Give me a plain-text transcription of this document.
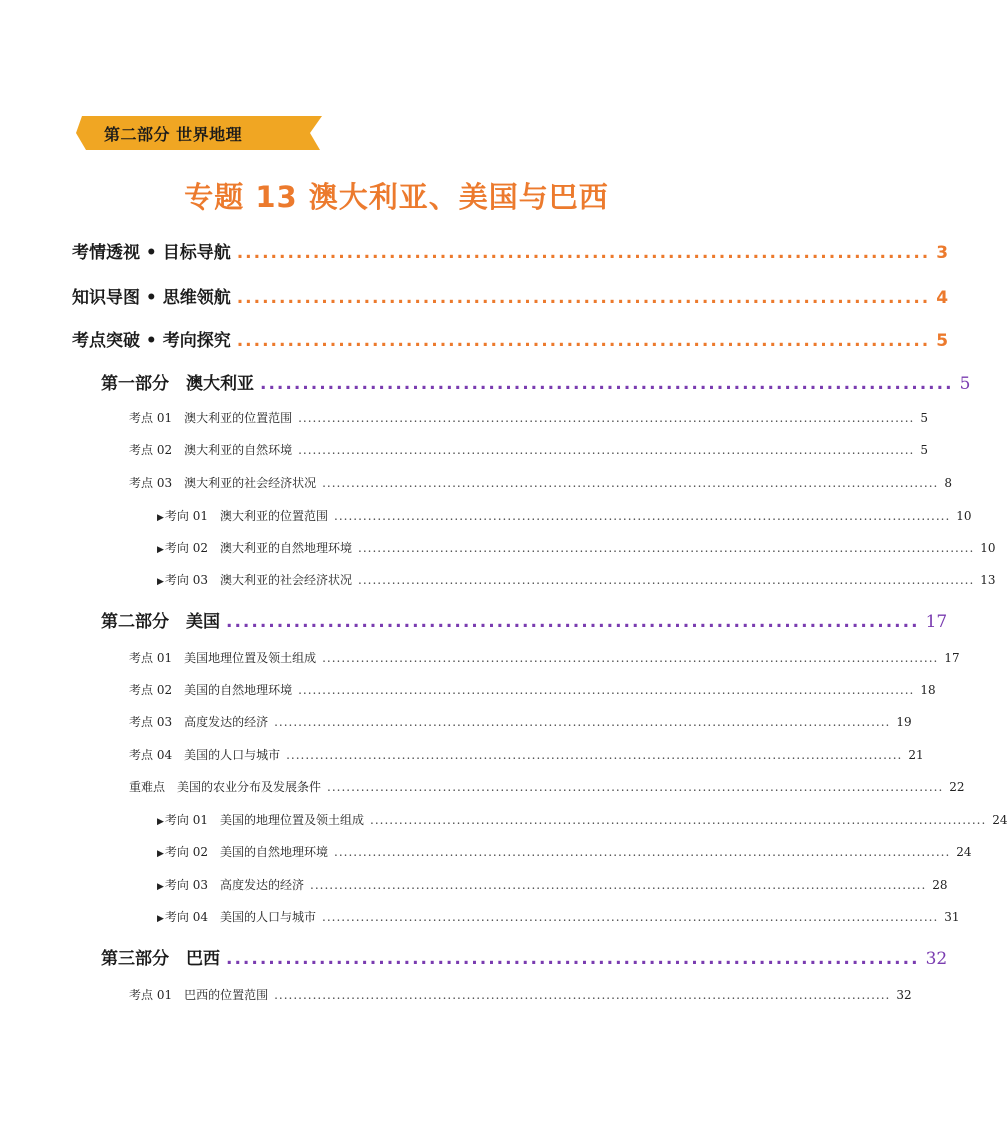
第二部分 世界地理
专题 13 澳大利亚、美国与巴西
考情透视 • 目标导航 .................................................................................. 3
知识导图 • 思维领航 .................................................................................. 4
考点突破 • 考向探究 .................................................................................. 5
第一部分　澳大利亚 .................................................................................. 5
考点 01　澳大利亚的位置范围 ................................................................................................................................ 5
考点 02　澳大利亚的自然环境 ................................................................................................................................ 5
考点 03　澳大利亚的社会经济状况 ................................................................................................................................ 8
▶考向 01　澳大利亚的位置范围 ................................................................................................................................ 10
▶考向 02　澳大利亚的自然地理环境 ................................................................................................................................ 10
▶考向 03　澳大利亚的社会经济状况 ................................................................................................................................ 13
第二部分　美国 .................................................................................. 17
考点 01　美国地理位置及领土组成 ................................................................................................................................ 17
考点 02　美国的自然地理环境 ................................................................................................................................ 18
考点 03　高度发达的经济 ................................................................................................................................ 19
考点 04　美国的人口与城市 ................................................................................................................................ 21
重难点　美国的农业分布及发展条件 ................................................................................................................................ 22
▶考向 01　美国的地理位置及领土组成 ................................................................................................................................ 24
▶考向 02　美国的自然地理环境 ................................................................................................................................ 24
▶考向 03　高度发达的经济 ................................................................................................................................ 28
▶考向 04　美国的人口与城市 ................................................................................................................................ 31
第三部分　巴西 .................................................................................. 32
考点 01　巴西的位置范围 ................................................................................................................................ 32
